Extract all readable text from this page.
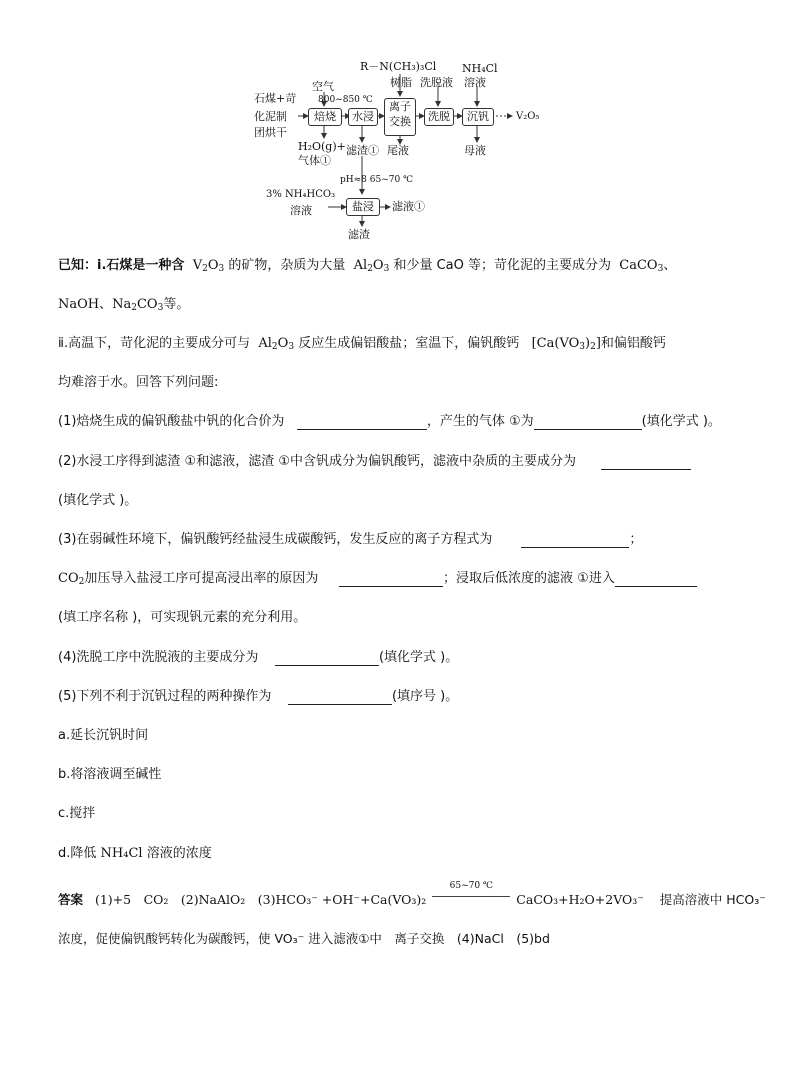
石煤+苛
化泥制
团烘干
空气
800~850 ℃
焙烧
H₂O(g)+
气体①
水浸
滤渣①
R－N(CH₃)₃Cl
树脂
离子
交换
尾液
洗脱液
洗脱
NH₄Cl
溶液
沉钒	V₂O₅
母液
pH≈8 65~70 ℃
3% NH₄HCO₃
溶液	盐浸	滤液①
滤渣
已知：ⅰ.石煤是一种含 $V_2O_3$ 的矿物，杂质为大量 $Al_2O_3$ 和少量 CaO 等；苛化泥的主要成分为 CaCO$_3$、
NaOH、$Na_2CO_3$等。
ⅱ.高温下，苛化泥的主要成分可与 $Al_2O_3$ 反应生成偏铝酸盐；室温下，偏钒酸钙 $[Ca(VO_3)_2]$和偏铝酸钙
均难溶于水。回答下列问题:
(1)焙烧生成的偏钒酸盐中钒的化合价为	，产生的气体 ①为	(填化学式 )。
(2)水浸工序得到滤渣 ①和滤液，滤渣 ①中含钒成分为偏钒酸钙，滤液中杂质的主要成分为
(填化学式 )。
(3)在弱碱性环境下，偏钒酸钙经盐浸生成碳酸钙，发生反应的离子方程式为	；
$CO_2$加压导入盐浸工序可提高浸出率的原因为	；浸取后低浓度的滤液 ①进入
(填工序名称 )，可实现钒元素的充分利用。
(4)洗脱工序中洗脱液的主要成分为	(填化学式 )。
(5)下列不利于沉钒过程的两种操作为	(填序号 )。
a.延长沉钒时间
b.将溶液调至碱性
c.搅拌
d.降低 NH₄Cl 溶液的浓度
答案 (1)+5　CO₂　(2)NaAlO₂　(3)HCO₃⁻ +OH⁻+Ca(VO₃)₂
65~70 ℃
CaCO₃+H₂O+2VO₃⁻ 提高溶液中 HCO₃⁻
浓度，促使偏钒酸钙转化为碳酸钙，使 VO₃⁻ 进入滤液①中　离子交换　(4)NaCl　(5)bd
